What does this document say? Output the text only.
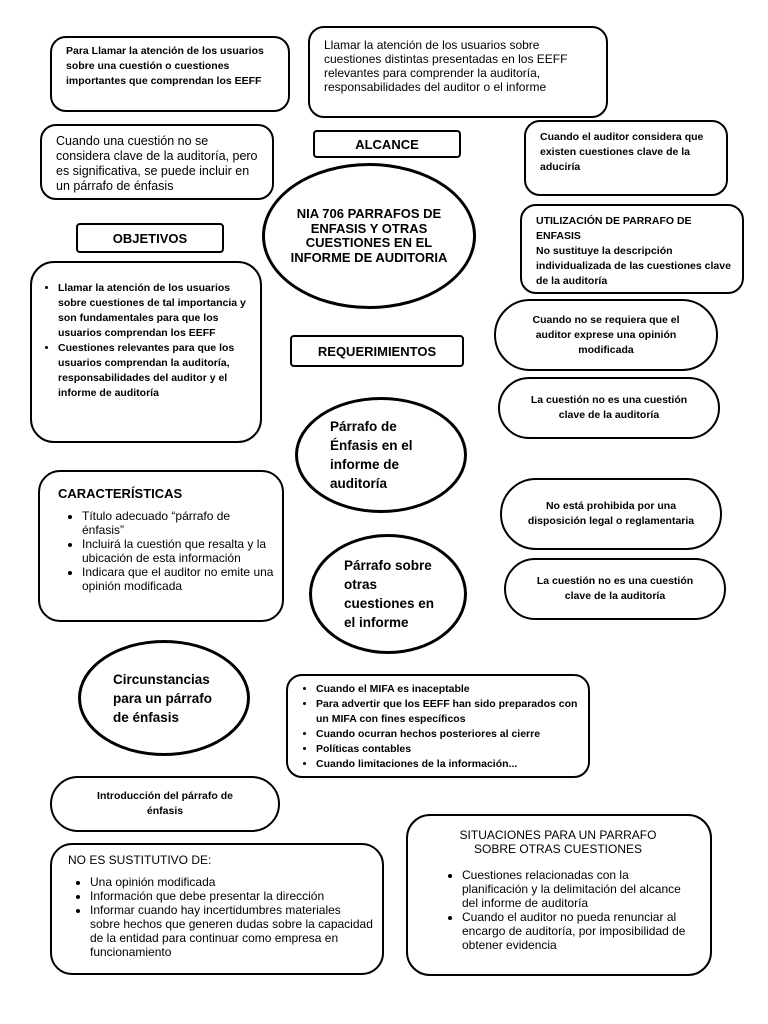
Para Llamar la atención de los usuarios sobre una cuestión o cuestiones importantes que comprendan los EEFF
Llamar la atención de los usuarios sobre cuestiones distintas presentadas en los EEFF relevantes para comprender la auditoría, responsabilidades del auditor o el informe
Cuando una cuestión no se considera clave de la auditoría, pero es significativa, se puede incluir en un párrafo de énfasis
ALCANCE	Cuando el auditor considera que existen cuestiones clave de la aduciría
NIA 706 PARRAFOS DE ENFASIS Y OTRAS CUESTIONES EN EL INFORME DE AUDITORIA
OBJETIVOS
UTILIZACIÓN DE PARRAFO DE ENFASIS
No sustituye la descripción individualizada de las cuestiones clave de la auditoría
• Llamar la atención de los usuarios sobre cuestiones de tal importancia y son fundamentales para que los usuarios comprendan los EEFF
• Cuestiones relevantes para que los usuarios comprendan la auditoría, responsabilidades del auditor y el informe de auditoría
REQUERIMIENTOS
Cuando no se requiera que el auditor exprese una opinión modificada
La cuestión no es una cuestión clave de la auditoría
Párrafo de Énfasis en el informe de auditoría
CARACTERÍSTICAS
• Título adecuado “párrafo de énfasis”
• Incluirá la cuestión que resalta y la ubicación de esta información
• Indicara que el auditor no emite una opinión modificada
No está prohibida por una disposición legal o reglamentaria
Párrafo sobre otras cuestiones en el informe
La cuestión no es una cuestión clave de la auditoría
Circunstancias para un párrafo de énfasis
• Cuando el MIFA es inaceptable
• Para advertir que los EEFF han sido preparados con un MIFA con fines específicos
• Cuando ocurran hechos posteriores al cierre
• Políticas contables
• Cuando limitaciones de la información...
Introducción del párrafo de énfasis
NO ES SUSTITUTIVO DE:
• Una opinión modificada
• Información que debe presentar la dirección
• Informar cuando hay incertidumbres materiales sobre hechos que generen dudas sobre la capacidad de la entidad para continuar como empresa en funcionamiento
SITUACIONES PARA UN PARRAFO SOBRE OTRAS CUESTIONES
• Cuestiones relacionadas con la planificación y la delimitación del alcance del informe de auditoría
• Cuando el auditor no pueda renunciar al encargo de auditoría, por imposibilidad de obtener evidencia
